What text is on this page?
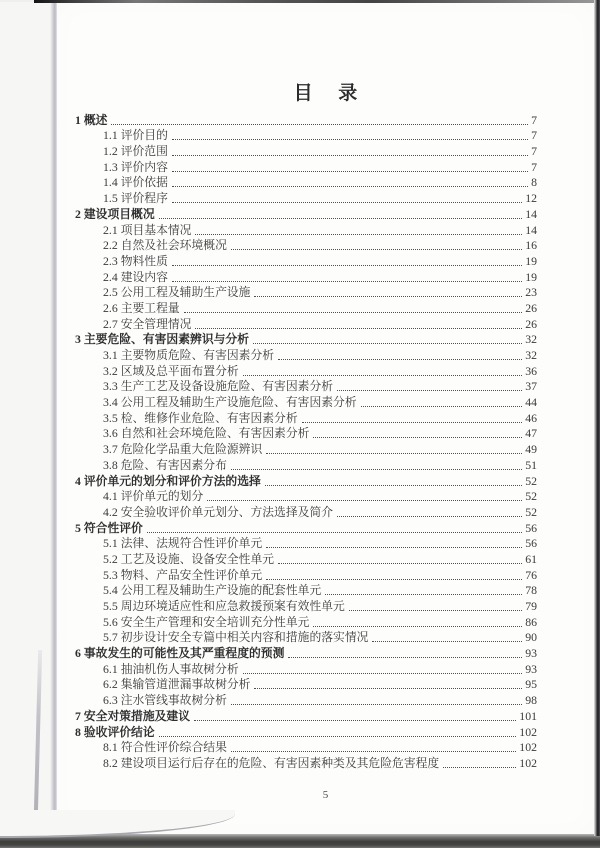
目 录
1 概述	7
1.1 评价目的	7
1.2 评价范围	7
1.3 评价内容	7
1.4 评价依据	8
1.5 评价程序	12
2 建设项目概况	14
2.1 项目基本情况	14
2.2 自然及社会环境概况	16
2.3 物料性质	19
2.4 建设内容	19
2.5 公用工程及辅助生产设施	23
2.6 主要工程量	26
2.7 安全管理情况	26
3 主要危险、有害因素辨识与分析	32
3.1 主要物质危险、有害因素分析	32
3.2 区域及总平面布置分析	36
3.3 生产工艺及设备设施危险、有害因素分析	37
3.4 公用工程及辅助生产设施危险、有害因素分析	44
3.5 检、维修作业危险、有害因素分析	46
3.6 自然和社会环境危险、有害因素分析	47
3.7 危险化学品重大危险源辨识	49
3.8 危险、有害因素分布	51
4 评价单元的划分和评价方法的选择	52
4.1 评价单元的划分	52
4.2 安全验收评价单元划分、方法选择及简介	52
5 符合性评价	56
5.1 法律、法规符合性评价单元	56
5.2 工艺及设施、设备安全性单元	61
5.3 物料、产品安全性评价单元	76
5.4 公用工程及辅助生产设施的配套性单元	78
5.5 周边环境适应性和应急救援预案有效性单元	79
5.6 安全生产管理和安全培训充分性单元	86
5.7 初步设计安全专篇中相关内容和措施的落实情况	90
6 事故发生的可能性及其严重程度的预测	93
6.1 抽油机伤人事故树分析	93
6.2 集输管道泄漏事故树分析	95
6.3 注水管线事故树分析	98
7 安全对策措施及建议	101
8 验收评价结论	102
8.1 符合性评价综合结果	102
8.2 建设项目运行后存在的危险、有害因素种类及其危险危害程度	102
5
